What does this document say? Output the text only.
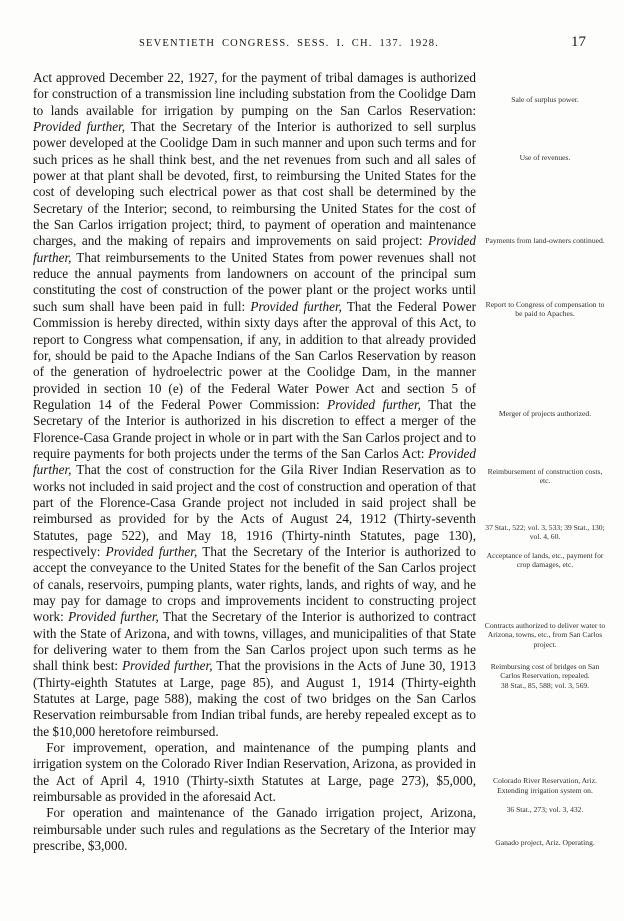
SEVENTIETH CONGRESS. SESS. I. CH. 137. 1928.	17

Act approved December 22, 1927, for the payment of tribal damages is authorized for construction of a transmission line including substation from the Coolidge Dam to lands available for irrigation by pumping on the San Carlos Reservation: Provided further, That the Secretary of the Interior is authorized to sell surplus power developed at the Coolidge Dam in such manner and upon such terms and for such prices as he shall think best, and the net revenues from such and all sales of power at that plant shall be devoted, first, to reimbursing the United States for the cost of developing such electrical power as that cost shall be determined by the Secretary of the Interior; second, to reimbursing the United States for the cost of the San Carlos irrigation project; third, to payment of operation and maintenance charges, and the making of repairs and improvements on said project: Provided further, That reimbursements to the United States from power revenues shall not reduce the annual payments from landowners on account of the principal sum constituting the cost of construction of the power plant or the project works until such sum shall have been paid in full: Provided further, That the Federal Power Commission is hereby directed, within sixty days after the approval of this Act, to report to Congress what compensation, if any, in addition to that already provided for, should be paid to the Apache Indians of the San Carlos Reservation by reason of the generation of hydroelectric power at the Coolidge Dam, in the manner provided in section 10 (e) of the Federal Water Power Act and section 5 of Regulation 14 of the Federal Power Commission: Provided further, That the Secretary of the Interior is authorized in his discretion to effect a merger of the Florence-Casa Grande project in whole or in part with the San Carlos project and to require payments for both projects under the terms of the San Carlos Act: Provided further, That the cost of construction for the Gila River Indian Reservation as to works not included in said project and the cost of construction and operation of that part of the Florence-Casa Grande project not included in said project shall be reimbursed as provided for by the Acts of August 24, 1912 (Thirty-seventh Statutes, page 522), and May 18, 1916 (Thirty-ninth Statutes, page 130), respectively: Provided further, That the Secretary of the Interior is authorized to accept the conveyance to the United States for the benefit of the San Carlos project of canals, reservoirs, pumping plants, water rights, lands, and rights of way, and he may pay for damage to crops and improvements incident to constructing project work: Provided further, That the Secretary of the Interior is authorized to contract with the State of Arizona, and with towns, villages, and municipalities of that State for delivering water to them from the San Carlos project upon such terms as he shall think best: Provided further, That the provisions in the Acts of June 30, 1913 (Thirty-eighth Statutes at Large, page 85), and August 1, 1914 (Thirty-eighth Statutes at Large, page 588), making the cost of two bridges on the San Carlos Reservation reimbursable from Indian tribal funds, are hereby repealed except as to the $10,000 heretofore reimbursed.

For improvement, operation, and maintenance of the pumping plants and irrigation system on the Colorado River Indian Reservation, Arizona, as provided in the Act of April 4, 1910 (Thirty-sixth Statutes at Large, page 273), $5,000, reimbursable as provided in the aforesaid Act.

For operation and maintenance of the Ganado irrigation project, Arizona, reimbursable under such rules and regulations as the Secretary of the Interior may prescribe, $3,000.

Sale of surplus power.
Use of revenues.
Payments from land-owners continued.
Report to Congress of compensation to be paid to Apaches.
Merger of projects authorized.
Reimbursement of construction costs, etc.
37 Stat., 522; vol. 3, 533; 39 Stat., 130; vol. 4, 60.
Acceptance of lands, etc., payment for crop damages, etc.
Contracts authorized to deliver water to Arizona, towns, etc., from San Carlos project.
Reimbursing cost of bridges on San Carlos Reservation, repealed.
38 Stat., 85, 588; vol. 3, 569.
Colorado River Reservation, Ariz.
Extending irrigation system on.
36 Stat., 273; vol. 3, 432.
Ganado project, Ariz. Operating.
